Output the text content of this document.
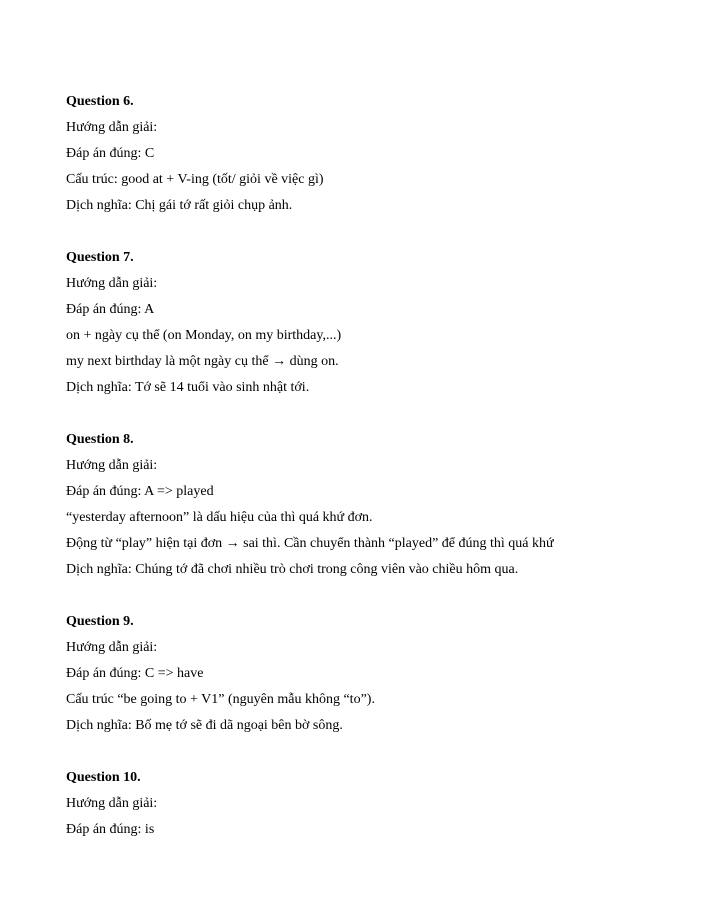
Question 6.
Hướng dẫn giải:
Đáp án đúng: C
Cấu trúc: good at + V-ing (tốt/ giỏi về việc gì)
Dịch nghĩa: Chị gái tớ rất giỏi chụp ảnh.
Question 7.
Hướng dẫn giải:
Đáp án đúng: A
on + ngày cụ thể (on Monday, on my birthday,...)
my next birthday là một ngày cụ thể → dùng on.
Dịch nghĩa: Tớ sẽ 14 tuổi vào sinh nhật tới.
Question 8.
Hướng dẫn giải:
Đáp án đúng: A => played
“yesterday afternoon” là dấu hiệu của thì quá khứ đơn.
Động từ “play” hiện tại đơn → sai thì. Cần chuyển thành “played” để đúng thì quá khứ
Dịch nghĩa: Chúng tớ đã chơi nhiều trò chơi trong công viên vào chiều hôm qua.
Question 9.
Hướng dẫn giải:
Đáp án đúng: C => have
Cấu trúc “be going to + V1” (nguyên mẫu không “to”).
Dịch nghĩa: Bố mẹ tớ sẽ đi dã ngoại bên bờ sông.
Question 10.
Hướng dẫn giải:
Đáp án đúng: is
